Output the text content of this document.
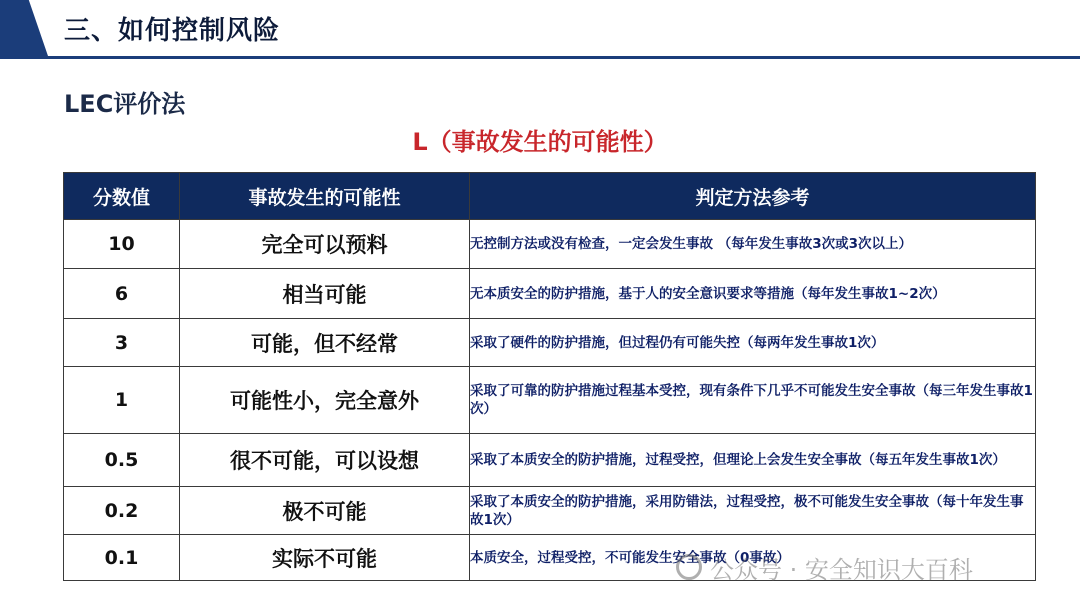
三、如何控制风险
LEC评价法
L（事故发生的可能性）
分数值	事故发生的可能性	判定方法参考
10	完全可以预料	无控制方法或没有检查，一定会发生事故 （每年发生事故3次或3次以上）
6	相当可能	无本质安全的防护措施，基于人的安全意识要求等措施（每年发生事故1~2次）
3	可能，但不经常	采取了硬件的防护措施，但过程仍有可能失控（每两年发生事故1次）
1	可能性小，完全意外	采取了可靠的防护措施过程基本受控，现有条件下几乎不可能发生安全事故（每三年发生事故1次）
0.5	很不可能，可以设想	采取了本质安全的防护措施，过程受控，但理论上会发生安全事故（每五年发生事故1次）
0.2	极不可能	采取了本质安全的防护措施，采用防错法，过程受控，极不可能发生安全事故（每十年发生事故1次）
0.1	实际不可能	本质安全，过程受控，不可能发生安全事故（0事故）
公众号 · 安全知识大百科
